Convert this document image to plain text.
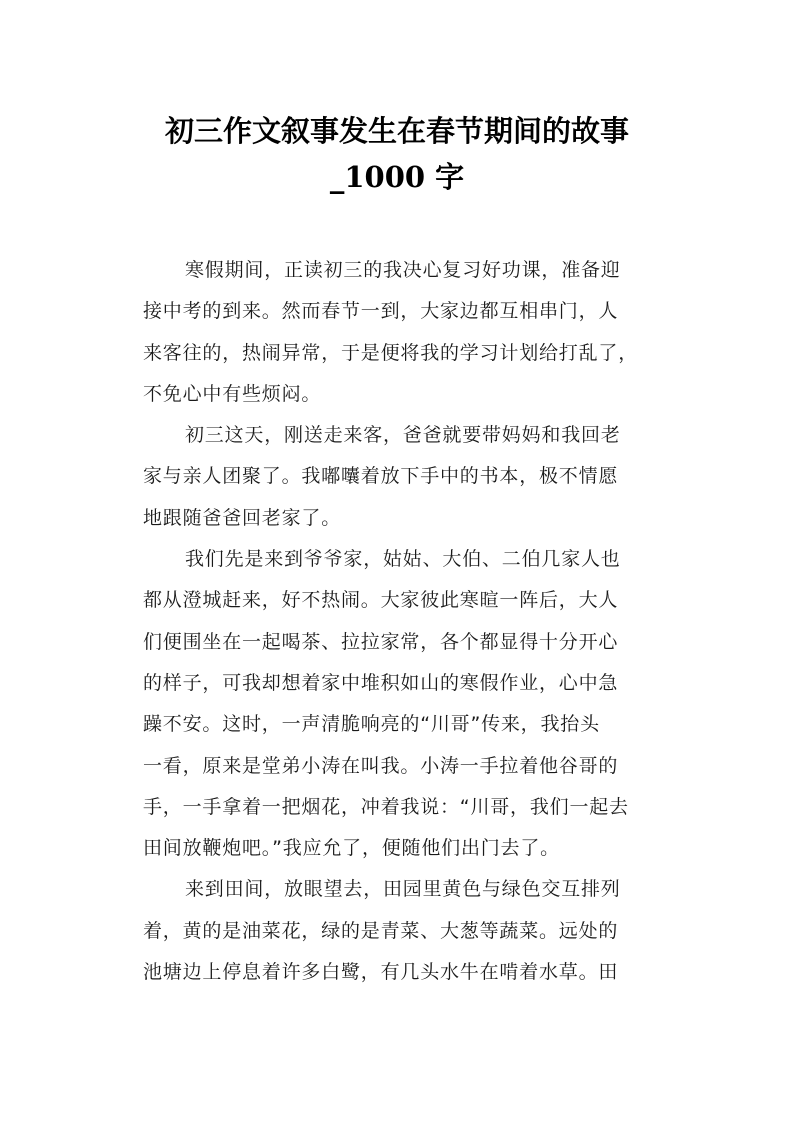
初三作文叙事发生在春节期间的故事
_1000 字

寒假期间，正读初三的我决心复习好功课，准备迎
接中考的到来。然而春节一到，大家边都互相串门，人
来客往的，热闹异常，于是便将我的学习计划给打乱了，
不免心中有些烦闷。

初三这天，刚送走来客，爸爸就要带妈妈和我回老
家与亲人团聚了。我嘟囔着放下手中的书本，极不情愿
地跟随爸爸回老家了。

我们先是来到爷爷家，姑姑、大伯、二伯几家人也
都从澄城赶来，好不热闹。大家彼此寒暄一阵后，大人
们便围坐在一起喝茶、拉拉家常，各个都显得十分开心
的样子，可我却想着家中堆积如山的寒假作业，心中急
躁不安。这时，一声清脆响亮的“川哥”传来，我抬头
一看，原来是堂弟小涛在叫我。小涛一手拉着他谷哥的
手，一手拿着一把烟花，冲着我说：“川哥，我们一起去
田间放鞭炮吧。”我应允了，便随他们出门去了。

来到田间，放眼望去，田园里黄色与绿色交互排列
着，黄的是油菜花，绿的是青菜、大葱等蔬菜。远处的
池塘边上停息着许多白鹭，有几头水牛在啃着水草。田
